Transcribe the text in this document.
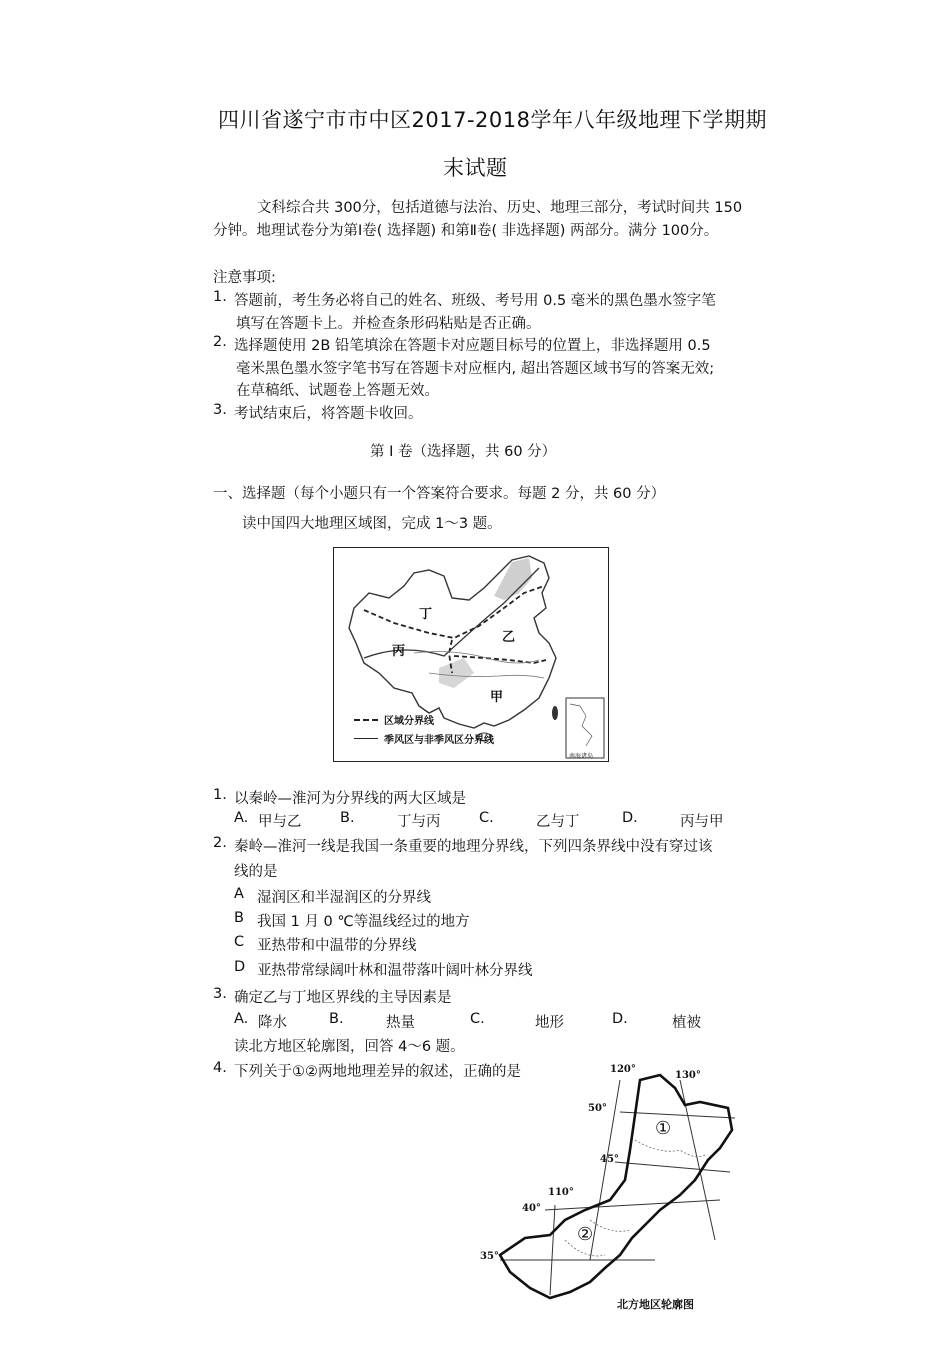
四川省遂宁市市中区2017-2018学年八年级地理下学期期
末试题
文科综合共 300分，包括道德与法治、历史、地理三部分，考试时间共 150
分钟。地理试卷分为第Ⅰ卷( 选择题) 和第Ⅱ卷( 非选择题) 两部分。满分 100分。
注意事项:
1. 答题前，考生务必将自己的姓名、班级、考号用 0.5 毫米的黑色墨水签字笔
填写在答题卡上。并检查条形码粘贴是否正确。
2. 选择题使用 2B 铅笔填涂在答题卡对应题目标号的位置上，非选择题用 0.5
毫米黑色墨水签字笔书写在答题卡对应框内, 超出答题区域书写的答案无效;
在草稿纸、试题卷上答题无效。
3. 考试结束后，将答题卡收回。
第 Ⅰ 卷（选择题，共 60 分）
一、选择题（每个小题只有一个答案符合要求。每题 2 分，共 60 分）
读中国四大地理区域图，完成 1～3 题。
丁
乙
丙
甲
区域分界线
季风区与非季风区分界线
南海诸岛
1. 以秦岭—淮河为分界线的两大区域是
A. 甲与乙	B.	丁与丙	C.	乙与丁	D.	丙与甲
2. 秦岭—淮河一线是我国一条重要的地理分界线，下列四条界线中没有穿过该
线的是
A 湿润区和半湿润区的分界线
B 我国 1 月 0 ℃等温线经过的地方
C 亚热带和中温带的分界线
D 亚热带常绿阔叶林和温带落叶阔叶林分界线
3. 确定乙与丁地区界线的主导因素是
A. 降水	B.	热量	C.	地形	D.	植被
读北方地区轮廓图，回答 4～6 题。
4. 下列关于①②两地地理差异的叙述，正确的是	120°
130°
110°
50°
45°
40°
35°
①
②
北方地区轮廓图
